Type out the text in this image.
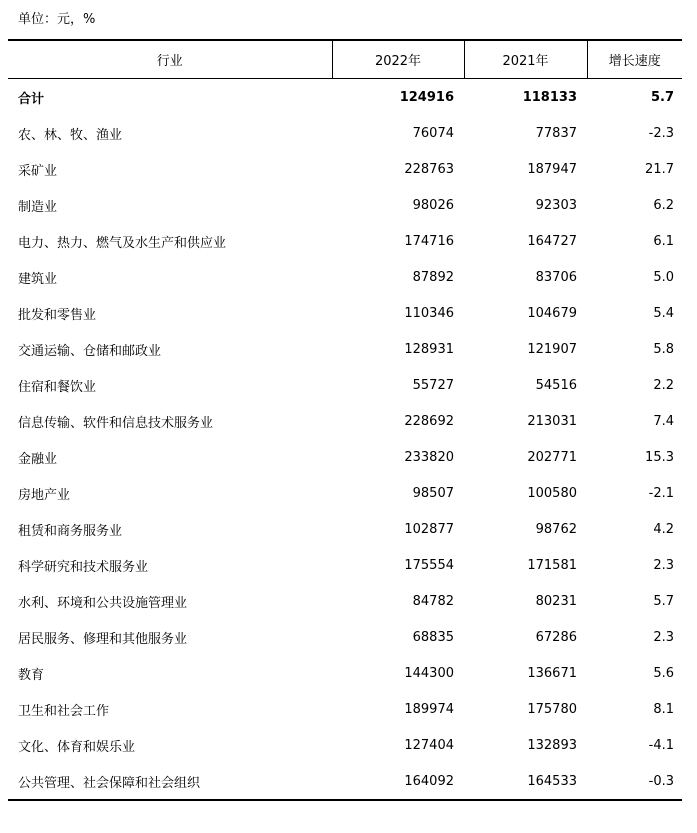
单位：元，%
行业	2022年	2021年	增长速度
合计	124916	118133	5.7
农、林、牧、渔业	76074	77837	-2.3
采矿业	228763	187947	21.7
制造业	98026	92303	6.2
电力、热力、燃气及水生产和供应业	174716	164727	6.1
建筑业	87892	83706	5.0
批发和零售业	110346	104679	5.4
交通运输、仓储和邮政业	128931	121907	5.8
住宿和餐饮业	55727	54516	2.2
信息传输、软件和信息技术服务业	228692	213031	7.4
金融业	233820	202771	15.3
房地产业	98507	100580	-2.1
租赁和商务服务业	102877	98762	4.2
科学研究和技术服务业	175554	171581	2.3
水利、环境和公共设施管理业	84782	80231	5.7
居民服务、修理和其他服务业	68835	67286	2.3
教育	144300	136671	5.6
卫生和社会工作	189974	175780	8.1
文化、体育和娱乐业	127404	132893	-4.1
公共管理、社会保障和社会组织	164092	164533	-0.3
